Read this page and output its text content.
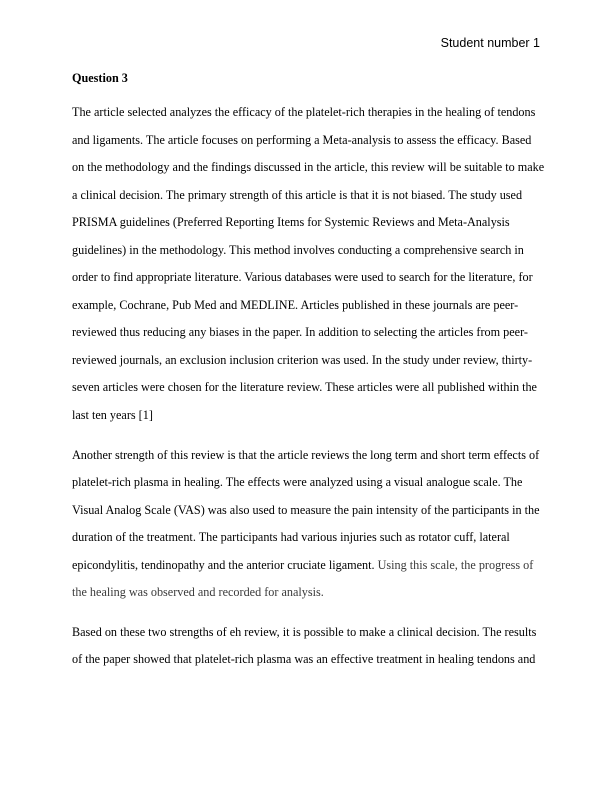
Student number 1
Question 3
The article selected analyzes the efficacy of the platelet-rich therapies in the healing of tendons
and ligaments. The article focuses on performing a Meta-analysis to assess the efficacy. Based
on the methodology and the findings discussed in the article, this review will be suitable to make
a clinical decision. The primary strength of this article is that it is not biased. The study used
PRISMA guidelines (Preferred Reporting Items for Systemic Reviews and Meta-Analysis
guidelines) in the methodology. This method involves conducting a comprehensive search in
order to find appropriate literature. Various databases were used to search for the literature, for
example, Cochrane, Pub Med and MEDLINE. Articles published in these journals are peer-
reviewed thus reducing any biases in the paper. In addition to selecting the articles from peer-
reviewed journals, an exclusion inclusion criterion was used. In the study under review, thirty-
seven articles were chosen for the literature review. These articles were all published within the
last ten years [1]
Another strength of this review is that the article reviews the long term and short term effects of
platelet-rich plasma in healing. The effects were analyzed using a visual analogue scale. The
Visual Analog Scale (VAS) was also used to measure the pain intensity of the participants in the
duration of the treatment. The participants had various injuries such as rotator cuff, lateral
epicondylitis, tendinopathy and the anterior cruciate ligament. Using this scale, the progress of
the healing was observed and recorded for analysis.
Based on these two strengths of eh review, it is possible to make a clinical decision. The results
of the paper showed that platelet-rich plasma was an effective treatment in healing tendons and
